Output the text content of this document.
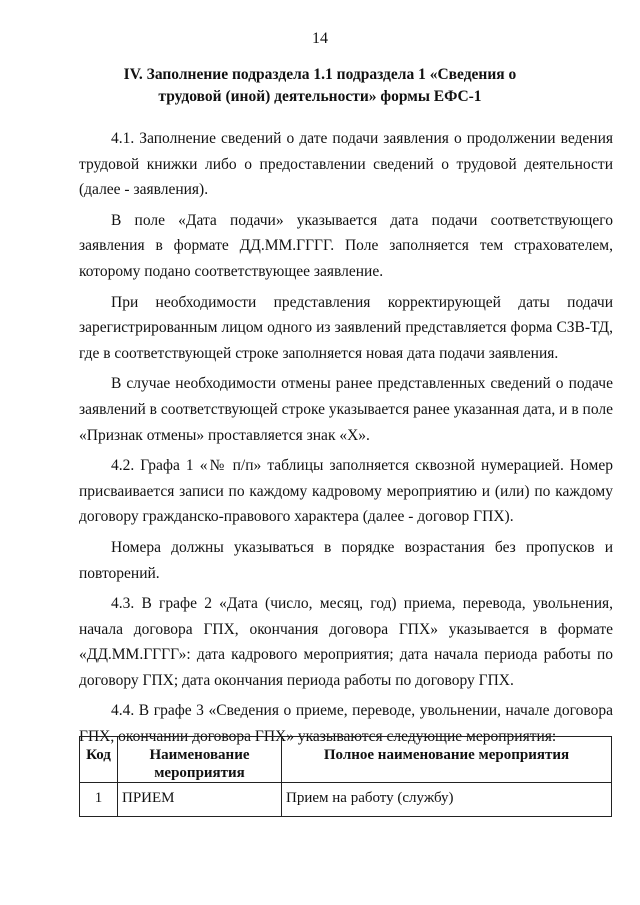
14
IV. Заполнение подраздела 1.1 подраздела 1 «Сведения о трудовой (иной) деятельности» формы ЕФС-1

4.1. Заполнение сведений о дате подачи заявления о продолжении ведения трудовой книжки либо о предоставлении сведений о трудовой деятельности (далее - заявления).

В поле «Дата подачи» указывается дата подачи соответствующего заявления в формате ДД.ММ.ГГГГ. Поле заполняется тем страхователем, которому подано соответствующее заявление.

При необходимости представления корректирующей даты подачи зарегистрированным лицом одного из заявлений представляется форма СЗВ-ТД, где в соответствующей строке заполняется новая дата подачи заявления.

В случае необходимости отмены ранее представленных сведений о подаче заявлений в соответствующей строке указывается ранее указанная дата, и в поле «Признак отмены» проставляется знак «Х».

4.2. Графа 1 «№ п/п» таблицы заполняется сквозной нумерацией. Номер присваивается записи по каждому кадровому мероприятию и (или) по каждому договору гражданско-правового характера (далее - договор ГПХ).

Номера должны указываться в порядке возрастания без пропусков и повторений.

4.3. В графе 2 «Дата (число, месяц, год) приема, перевода, увольнения, начала договора ГПХ, окончания договора ГПХ» указывается в формате «ДД.ММ.ГГГГ»: дата кадрового мероприятия; дата начала периода работы по договору ГПХ; дата окончания периода работы по договору ГПХ.

4.4. В графе 3 «Сведения о приеме, переводе, увольнении, начале договора ГПХ, окончании договора ГПХ» указываются следующие мероприятия:

Код	Наименование мероприятия	Полное наименование мероприятия
1	ПРИЕМ	Прием на работу (службу)
